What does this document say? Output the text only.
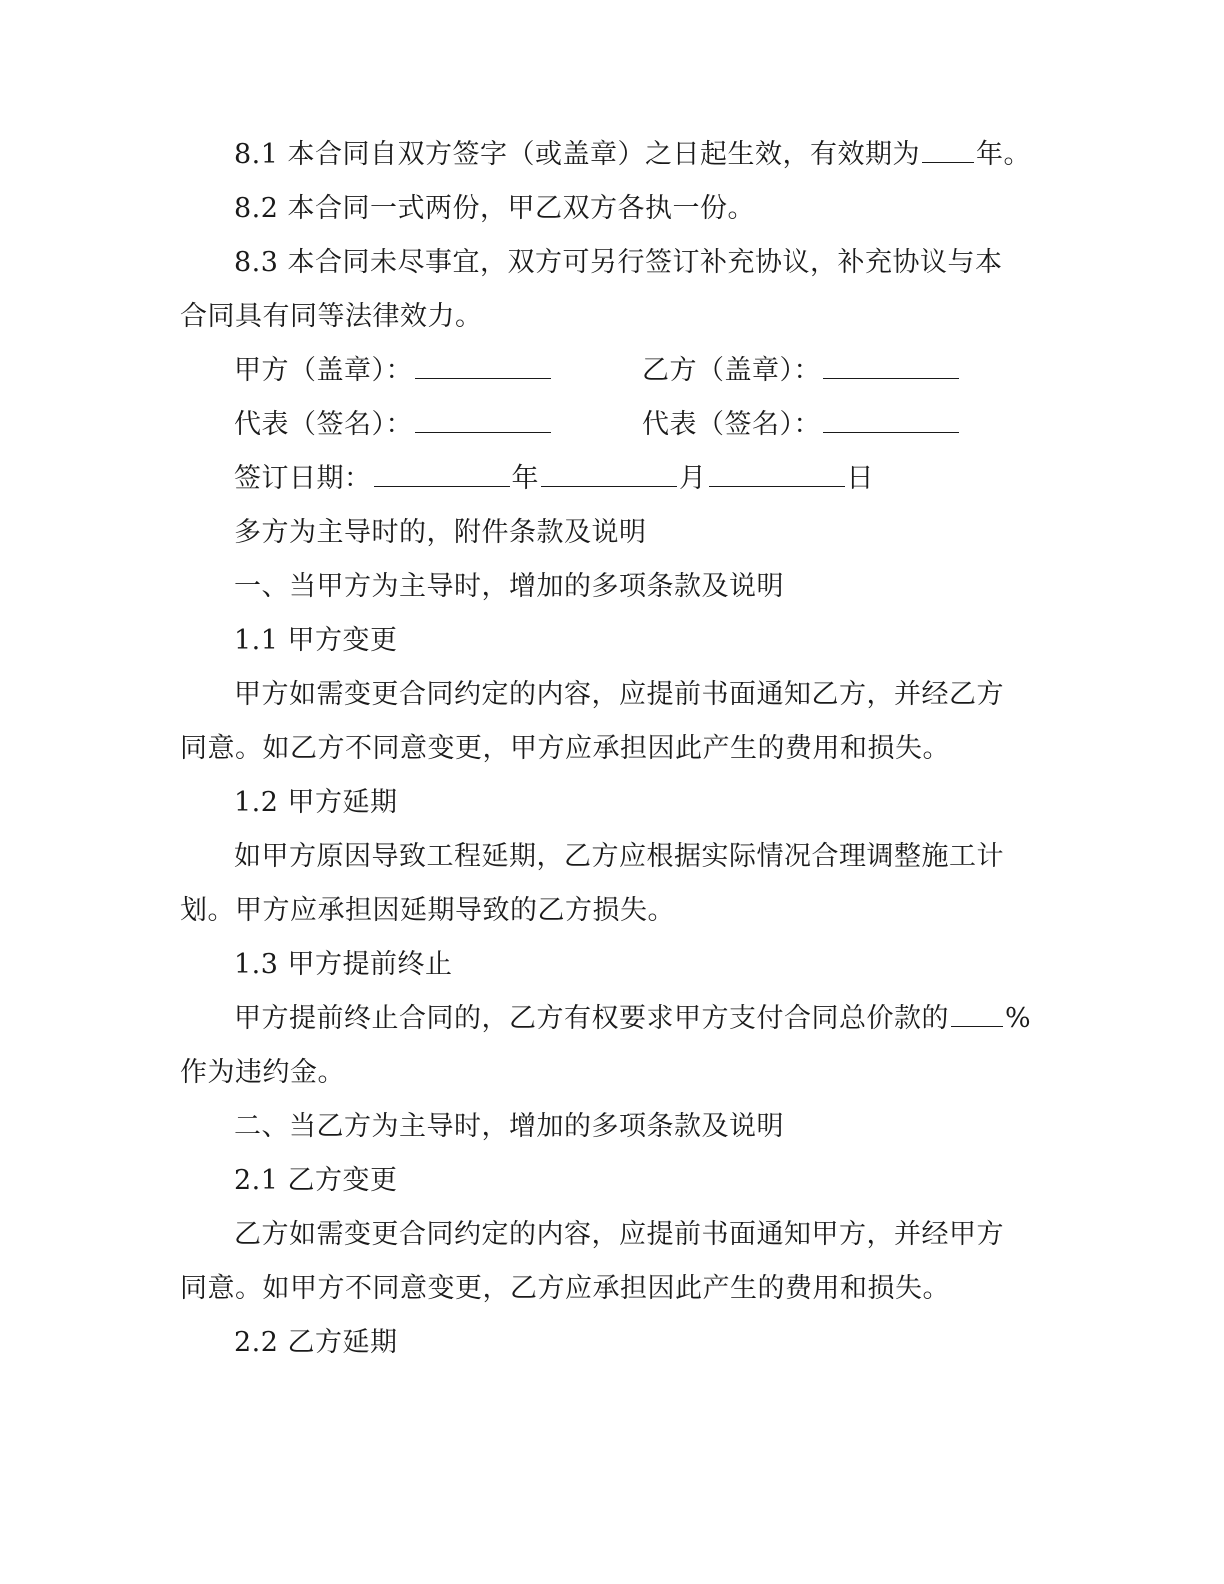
8.1 本合同自双方签字（或盖章）之日起生效，有效期为 年。
8.2 本合同一式两份，甲乙双方各执一份。
8.3 本合同未尽事宜，双方可另行签订补充协议，补充协议与本
合同具有同等法律效力。
甲方（盖章）：	乙方（盖章）：
代表（签名）：	代表（签名）：
签订日期：	年	月	日
多方为主导时的，附件条款及说明
一、当甲方为主导时，增加的多项条款及说明
1.1 甲方变更
甲方如需变更合同约定的内容，应提前书面通知乙方，并经乙方
同意。如乙方不同意变更，甲方应承担因此产生的费用和损失。
1.2 甲方延期
如甲方原因导致工程延期，乙方应根据实际情况合理调整施工计
划。甲方应承担因延期导致的乙方损失。
1.3 甲方提前终止
甲方提前终止合同的，乙方有权要求甲方支付合同总价款的 %
作为违约金。
二、当乙方为主导时，增加的多项条款及说明
2.1 乙方变更
乙方如需变更合同约定的内容，应提前书面通知甲方，并经甲方
同意。如甲方不同意变更，乙方应承担因此产生的费用和损失。
2.2 乙方延期
